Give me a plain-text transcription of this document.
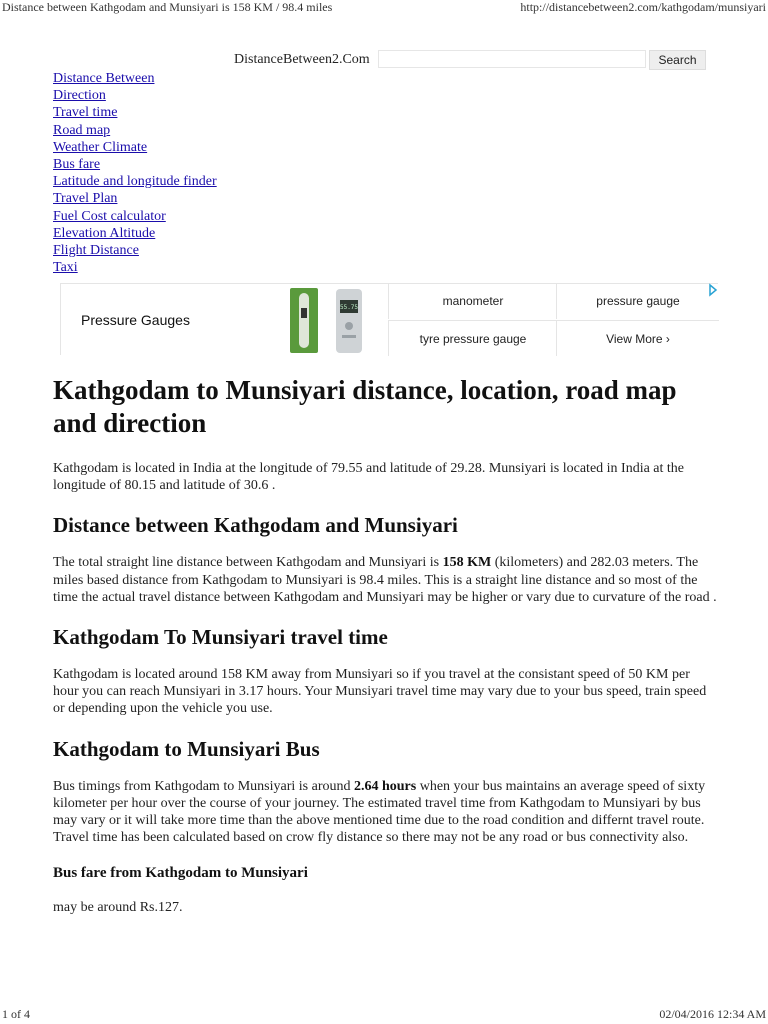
Distance between Kathgodam and Munsiyari is 158 KM / 98.4 miles	http://distancebetween2.com/kathgodam/munsiyari
DistanceBetween2.Com	Search
Distance Between
Direction
Travel time
Road map
Weather Climate
Bus fare
Latitude and longitude finder
Travel Plan
Fuel Cost calculator
Elevation Altitude
Flight Distance
Taxi
Pressure Gauges
55.75	manometer	pressure gauge
tyre pressure gauge	View More ›
Kathgodam to Munsiyari distance, location, road map and direction

Kathgodam is located in India at the longitude of 79.55 and latitude of 29.28. Munsiyari is located in India at the longitude of 80.15 and latitude of 30.6 .

Distance between Kathgodam and Munsiyari

The total straight line distance between Kathgodam and Munsiyari is 158 KM (kilometers) and 282.03 meters. The miles based distance from Kathgodam to Munsiyari is 98.4 miles. This is a straight line distance and so most of the time the actual travel distance between Kathgodam and Munsiyari may be higher or vary due to curvature of the road .

Kathgodam To Munsiyari travel time

Kathgodam is located around 158 KM away from Munsiyari so if you travel at the consistant speed of 50 KM per hour you can reach Munsiyari in 3.17 hours. Your Munsiyari travel time may vary due to your bus speed, train speed or depending upon the vehicle you use.

Kathgodam to Munsiyari Bus

Bus timings from Kathgodam to Munsiyari is around 2.64 hours when your bus maintains an average speed of sixty kilometer per hour over the course of your journey. The estimated travel time from Kathgodam to Munsiyari by bus may vary or it will take more time than the above mentioned time due to the road condition and differnt travel route. Travel time has been calculated based on crow fly distance so there may not be any road or bus connectivity also.

Bus fare from Kathgodam to Munsiyari

may be around Rs.127.

1 of 4	02/04/2016 12:34 AM
